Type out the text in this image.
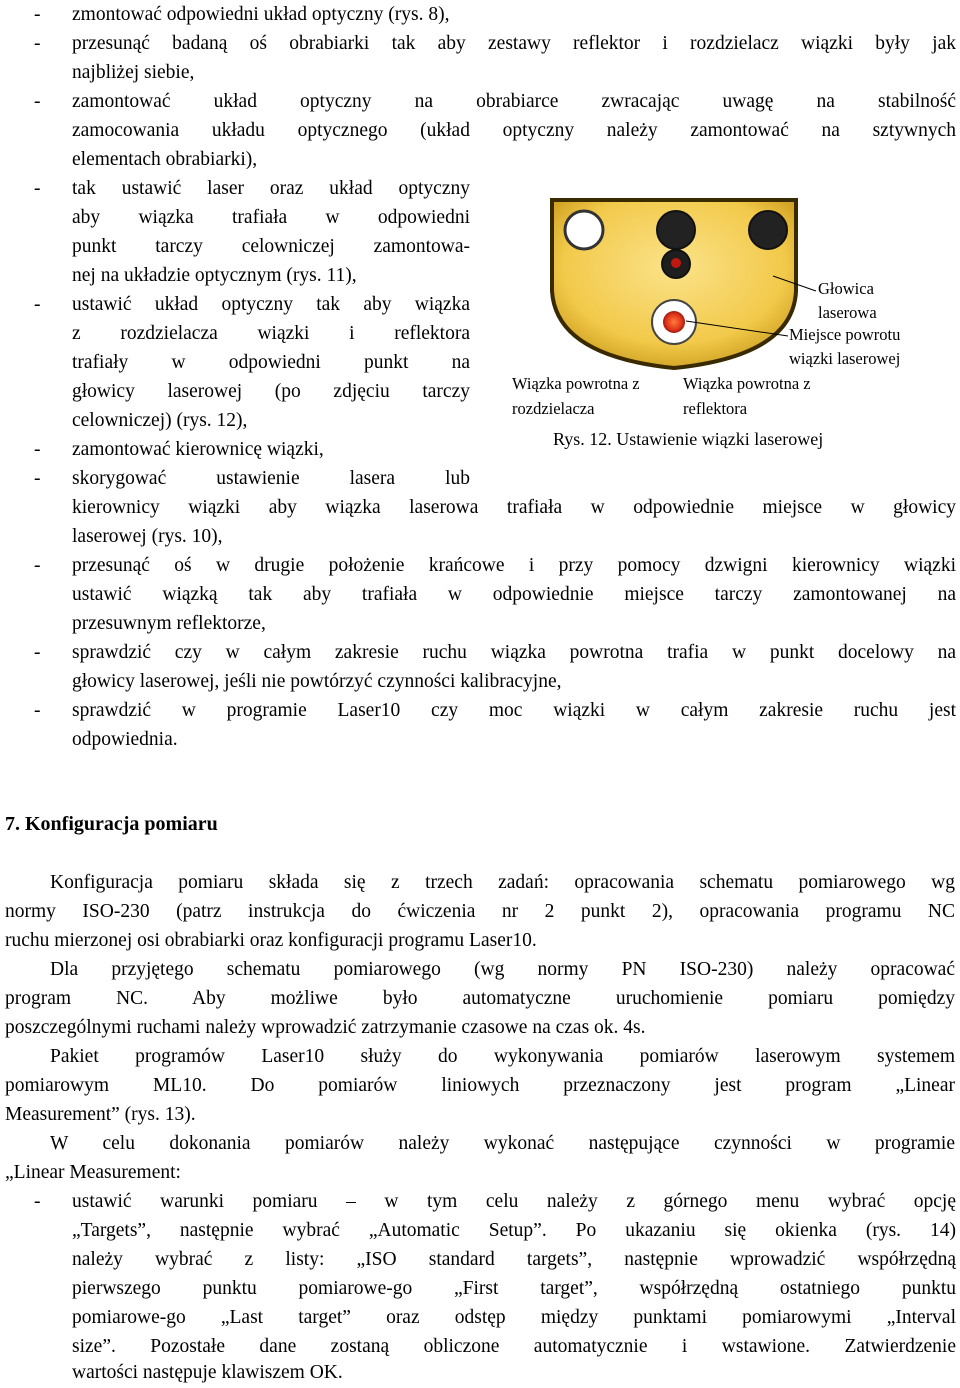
- zmontować odpowiedni układ optyczny (rys. 8),
- przesunąć badaną oś obrabiarki tak aby zestawy reflektor i rozdzielacz wiązki były jak
najbliżej siebie,
- zamontować układ optyczny na obrabiarce zwracając uwagę na stabilność
zamocowania układu optycznego (układ optyczny należy zamontować na sztywnych
elementach obrabiarki),
- tak ustawić laser oraz układ optyczny
aby wiązka trafiała w odpowiedni
punkt tarczy celowniczej zamontowa-
nej na układzie optycznym (rys. 11),
- ustawić układ optyczny tak aby wiązka
z rozdzielacza wiązki i reflektora
trafiały w odpowiedni punkt na
głowicy laserowej (po zdjęciu tarczy
celowniczej) (rys. 12),
- zamontować kierownicę wiązki,
- skorygować ustawienie lasera lub
kierownicy wiązki aby wiązka laserowa trafiała w odpowiednie miejsce w głowicy
laserowej (rys. 10),
- przesunąć oś w drugie położenie krańcowe i przy pomocy dzwigni kierownicy wiązki
ustawić wiązką tak aby trafiała w odpowiednie miejsce tarczy zamontowanej na
przesuwnym reflektorze,
- sprawdzić czy w całym zakresie ruchu wiązka powrotna trafia w punkt docelowy na
głowicy laserowej, jeśli nie powtórzyć czynności kalibracyjne,
- sprawdzić w programie Laser10 czy moc wiązki w całym zakresie ruchu jest
odpowiednia.
Głowica
laserowa
Miejsce powrotu
wiązki laserowej
Wiązka powrotna z
rozdzielacza
Wiązka powrotna z
reflektora
Rys. 12. Ustawienie wiązki laserowej
7. Konfiguracja pomiaru
Konfiguracja pomiaru składa się z trzech zadań: opracowania schematu pomiarowego wg
normy ISO-230 (patrz instrukcja do ćwiczenia nr 2 punkt 2), opracowania programu NC
ruchu mierzonej osi obrabiarki oraz konfiguracji programu Laser10.
Dla przyjętego schematu pomiarowego (wg normy PN ISO-230) należy opracować
program NC. Aby możliwe było automatyczne uruchomienie pomiaru pomiędzy
poszczególnymi ruchami należy wprowadzić zatrzymanie czasowe na czas ok. 4s.
Pakiet programów Laser10 służy do wykonywania pomiarów laserowym systemem
pomiarowym ML10. Do pomiarów liniowych przeznaczony jest program „Linear
Measurement” (rys. 13).
W celu dokonania pomiarów należy wykonać następujące czynności w programie
„Linear Measurement:
- ustawić warunki pomiaru – w tym celu należy z górnego menu wybrać opcję
„Targets”, następnie wybrać „Automatic Setup”. Po ukazaniu się okienka (rys. 14)
należy wybrać z listy: „ISO standard targets”, następnie wprowadzić współrzędną
pierwszego punktu pomiarowe-go „First target”, współrzędną ostatniego punktu
pomiarowe-go „Last target” oraz odstęp między punktami pomiarowymi „Interval
size”. Pozostałe dane zostaną obliczone automatycznie i wstawione. Zatwierdzenie
wartości następuje klawiszem OK.
